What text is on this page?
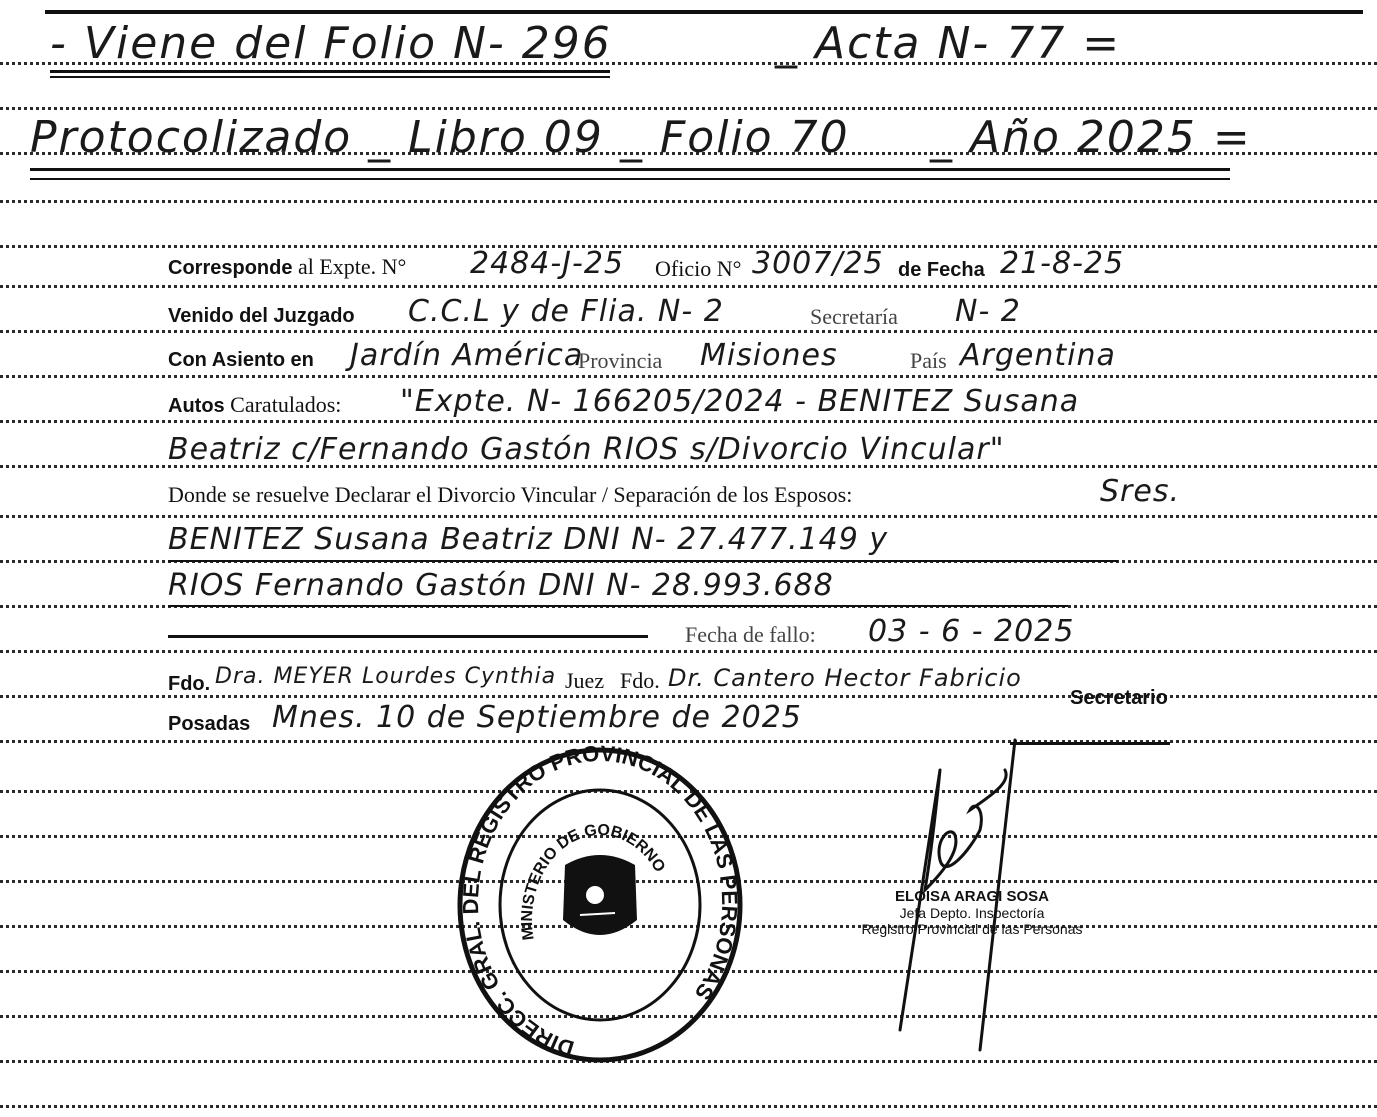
- Viene del Folio N- 296	_ Acta N- 77 =
Protocolizado _ Libro 09 _ Folio 70 _ Año 2025 =
Corresponde al Expte. N° 2484-J-25 Oficio N° 3007/25 de Fecha 21-8-25
Venido del Juzgado C.C.L y de Flia. N- 2	Secretaría N- 2
Con Asiento en Jardín América
Provincia Misiones	País Argentina
Autos Caratulados: "Expte. N- 166205/2024 - BENITEZ Susana
Beatriz c/Fernando Gastón RIOS s/Divorcio Vincular"
Donde se resuelve Declarar el Divorcio Vincular / Separación de los Esposos:	Sres.
BENITEZ Susana Beatriz DNI N- 27.477.149 y
RIOS Fernando Gastón DNI N- 28.993.688
Fecha de fallo: 03 - 6 - 2025
Fdo. Dra. MEYER Lourdes Cynthia Juez Fdo. Dr. Cantero Hector Fabricio
Secretario
Posadas Mnes. 10 de Septiembre de 2025
DIRECC. GRAL. DEL REGISTRO PROVINCIAL DE LAS PERSONAS
MINISTERIO DE GOBIERNO
ELOISA ARAGI SOSA
Jefa Depto. Inspectoría
Registro Provincial de las Personas
